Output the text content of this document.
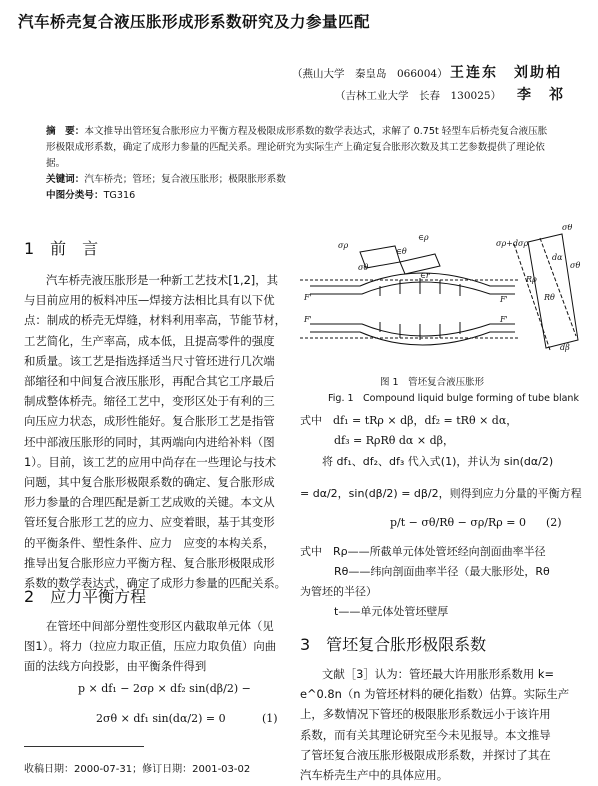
汽车桥壳复合液压胀形成形系数研究及力参量匹配
（燕山大学　秦皇岛　066004） 王连东　刘助柏
（吉林工业大学　长春　130025） 李　祁
摘　要：本文推导出管坯复合胀形应力平衡方程及极限成形系数的数学表达式，求解了 0.75t 轻型车后桥壳复合液压胀形极限成形系数，确定了成形力参量的匹配关系。理论研究为实际生产上确定复合胀形次数及其工艺参数提供了理论依据。
关键词：汽车桥壳；管坯；复合液压胀形；极限胀形系数
中图分类号：TG316
1　前　言
汽车桥壳液压胀形是一种新工艺技术[1,2]，其
与目前应用的板料冲压—焊接方法相比具有以下优
点：制成的桥壳无焊缝，材料利用率高，节能节材，
工艺简化，生产率高，成本低，且提高零件的强度
和质量。该工艺是指选择适当尺寸管坯进行几次端
部缩径和中间复合液压胀形，再配合其它工序最后
制成整体桥壳。缩径工艺中，变形区处于有利的三
向压应力状态，成形性能好。复合胀形工艺是指管
坯中部液压胀形的同时，其两端向内进给补料（图
1）。目前，该工艺的应用中尚存在一些理论与技术
问题，其中复合胀形极限系数的确定、复合胀形成
形力参量的合理匹配是新工艺成败的关键。本文从
管坯复合胀形工艺的应力、应变着眼，基于其变形
的平衡条件、塑性条件、应力　应变的本构关系，
推导出复合胀形应力平衡方程、复合胀形极限成形
系数的数学表达式，确定了成形力参量的匹配关系。
2　应力平衡方程
在管坯中间部分塑性变形区内截取单元体（见
图1）。将力（拉应力取正值，压应力取负值）向曲
面的法线方向投影，由平衡条件得到
p × df₁ − 2σρ × df₂ sin(dβ/2) −
2σθ × df₁ sin(dα/2) = 0	(1)
收稿日期：2000-07-31；修订日期：2001-03-02
σρ
σθ
∈ρ
∈θ
∈r
F'
F'
F'
F'
σρ+dσρ
σθ
Rρ
Rθ
dα
dβ
σθ
图 1　管坯复合液压胀形
Fig. 1　Compound liquid bulge forming of tube blank
式中　df₁ = tRρ × dβ，df₂ = tRθ × dα，
df₃ = RρRθ dα × dβ，
将 df₁、df₂、df₃ 代入式(1)，并认为 sin(dα/2)
= dα/2，sin(dβ/2) = dβ/2，则得到应力分量的平衡方程
p/t − σθ/Rθ − σρ/Rρ = 0 (2)
式中　Rρ——所截单元体处管坯经向剖面曲率半径
Rθ——纬向剖面曲率半径（最大胀形处，Rθ
为管坯的半径）
t——单元体处管坯壁厚
3　管坯复合胀形极限系数
文献［3］认为：管坯最大许用胀形系数用 k=
e^0.8n（n 为管坯材料的硬化指数）估算。实际生产
上，多数情况下管坯的极限胀形系数远小于该许用
系数，而有关其理论研究至今未见报导。本文推导
了管坯复合液压胀形极限成形系数，并探讨了其在
汽车桥壳生产中的具体应用。
